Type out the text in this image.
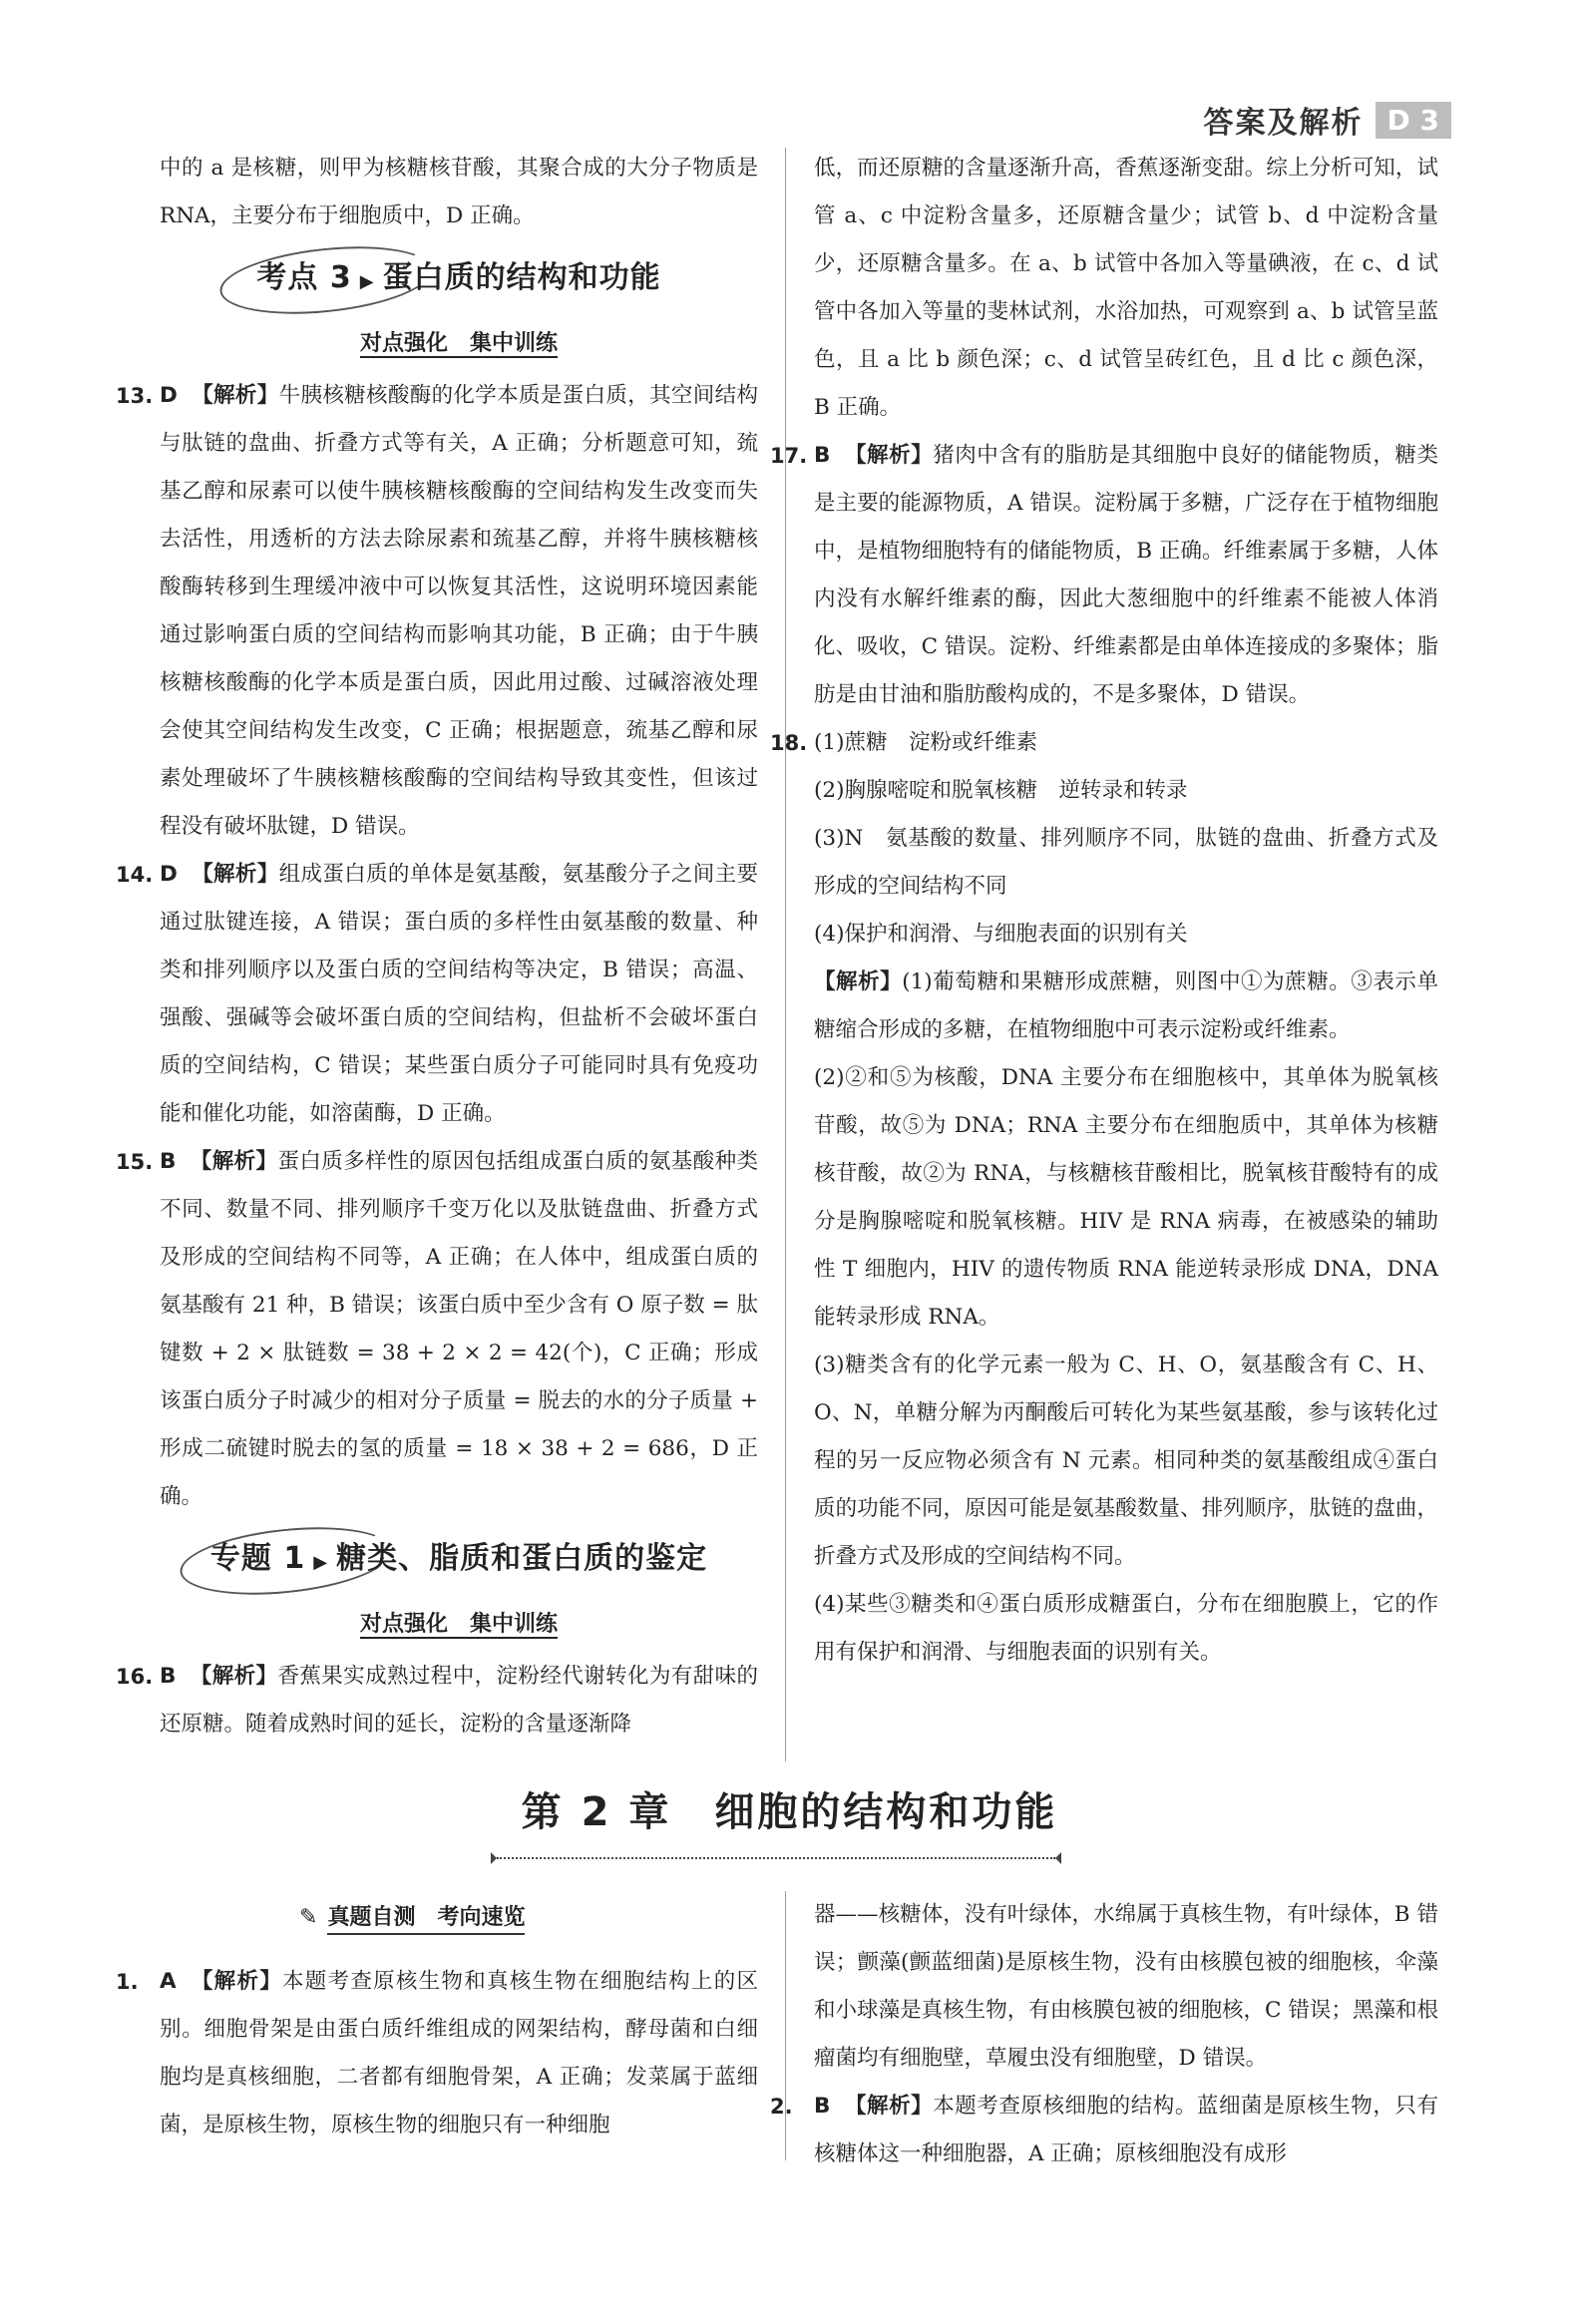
答案及解析 D 3

中的 a 是核糖，则甲为核糖核苷酸，其聚合成的大分子物质是 RNA，主要分布于细胞质中，D 正确。

考点 3 ▶ 蛋白质的结构和功能
对点强化　集中训练
13. D 【解析】牛胰核糖核酸酶的化学本质是蛋白质，其空间结构与肽链的盘曲、折叠方式等有关，A 正确；分析题意可知，巯基乙醇和尿素可以使牛胰核糖核酸酶的空间结构发生改变而失去活性，用透析的方法去除尿素和巯基乙醇，并将牛胰核糖核酸酶转移到生理缓冲液中可以恢复其活性，这说明环境因素能通过影响蛋白质的空间结构而影响其功能，B 正确；由于牛胰核糖核酸酶的化学本质是蛋白质，因此用过酸、过碱溶液处理会使其空间结构发生改变，C 正确；根据题意，巯基乙醇和尿素处理破坏了牛胰核糖核酸酶的空间结构导致其变性，但该过程没有破坏肽键，D 错误。
14. D 【解析】组成蛋白质的单体是氨基酸，氨基酸分子之间主要通过肽键连接，A 错误；蛋白质的多样性由氨基酸的数量、种类和排列顺序以及蛋白质的空间结构等决定，B 错误；高温、强酸、强碱等会破坏蛋白质的空间结构，但盐析不会破坏蛋白质的空间结构，C 错误；某些蛋白质分子可能同时具有免疫功能和催化功能，如溶菌酶，D 正确。
15. B 【解析】蛋白质多样性的原因包括组成蛋白质的氨基酸种类不同、数量不同、排列顺序千变万化以及肽链盘曲、折叠方式及形成的空间结构不同等，A 正确；在人体中，组成蛋白质的氨基酸有 21 种，B 错误；该蛋白质中至少含有 O 原子数 = 肽键数 + 2 × 肽链数 = 38 + 2 × 2 = 42(个)，C 正确；形成该蛋白质分子时减少的相对分子质量 = 脱去的水的分子质量 + 形成二硫键时脱去的氢的质量 = 18 × 38 + 2 = 686，D 正确。
专题 1 ▶ 糖类、脂质和蛋白质的鉴定
对点强化　集中训练
16. B 【解析】香蕉果实成熟过程中，淀粉经代谢转化为有甜味的还原糖。随着成熟时间的延长，淀粉的含量逐渐降

低，而还原糖的含量逐渐升高，香蕉逐渐变甜。综上分析可知，试管 a、c 中淀粉含量多，还原糖含量少；试管 b、d 中淀粉含量少，还原糖含量多。在 a、b 试管中各加入等量碘液，在 c、d 试管中各加入等量的斐林试剂，水浴加热，可观察到 a、b 试管呈蓝色，且 a 比 b 颜色深；c、d 试管呈砖红色，且 d 比 c 颜色深，B 正确。

17. B 【解析】猪肉中含有的脂肪是其细胞中良好的储能物质，糖类是主要的能源物质，A 错误。淀粉属于多糖，广泛存在于植物细胞中，是植物细胞特有的储能物质，B 正确。纤维素属于多糖，人体内没有水解纤维素的酶，因此大葱细胞中的纤维素不能被人体消化、吸收，C 错误。淀粉、纤维素都是由单体连接成的多聚体；脂肪是由甘油和脂肪酸构成的，不是多聚体，D 错误。
18. (1)蔗糖　淀粉或纤维素

(2)胸腺嘧啶和脱氧核糖　逆转录和转录

(3)N　氨基酸的数量、排列顺序不同，肽链的盘曲、折叠方式及形成的空间结构不同

(4)保护和润滑、与细胞表面的识别有关

【解析】(1)葡萄糖和果糖形成蔗糖，则图中①为蔗糖。③表示单糖缩合形成的多糖，在植物细胞中可表示淀粉或纤维素。

(2)②和⑤为核酸，DNA 主要分布在细胞核中，其单体为脱氧核苷酸，故⑤为 DNA；RNA 主要分布在细胞质中，其单体为核糖核苷酸，故②为 RNA，与核糖核苷酸相比，脱氧核苷酸特有的成分是胸腺嘧啶和脱氧核糖。HIV 是 RNA 病毒，在被感染的辅助性 T 细胞内，HIV 的遗传物质 RNA 能逆转录形成 DNA，DNA 能转录形成 RNA。

(3)糖类含有的化学元素一般为 C、H、O，氨基酸含有 C、H、O、N，单糖分解为丙酮酸后可转化为某些氨基酸，参与该转化过程的另一反应物必须含有 N 元素。相同种类的氨基酸组成④蛋白质的功能不同，原因可能是氨基酸数量、排列顺序，肽链的盘曲，折叠方式及形成的空间结构不同。

(4)某些③糖类和④蛋白质形成糖蛋白，分布在细胞膜上，它的作用有保护和润滑、与细胞表面的识别有关。

第 2 章　细胞的结构和功能
✎ 真题自测　考向速览
1. A 【解析】本题考查原核生物和真核生物在细胞结构上的区别。细胞骨架是由蛋白质纤维组成的网架结构，酵母菌和白细胞均是真核细胞，二者都有细胞骨架，A 正确；发菜属于蓝细菌，是原核生物，原核生物的细胞只有一种细胞

器——核糖体，没有叶绿体，水绵属于真核生物，有叶绿体，B 错误；颤藻(颤蓝细菌)是原核生物，没有由核膜包被的细胞核，伞藻和小球藻是真核生物，有由核膜包被的细胞核，C 错误；黑藻和根瘤菌均有细胞壁，草履虫没有细胞壁，D 错误。

2. B 【解析】本题考查原核细胞的结构。蓝细菌是原核生物，只有核糖体这一种细胞器，A 正确；原核细胞没有成形
